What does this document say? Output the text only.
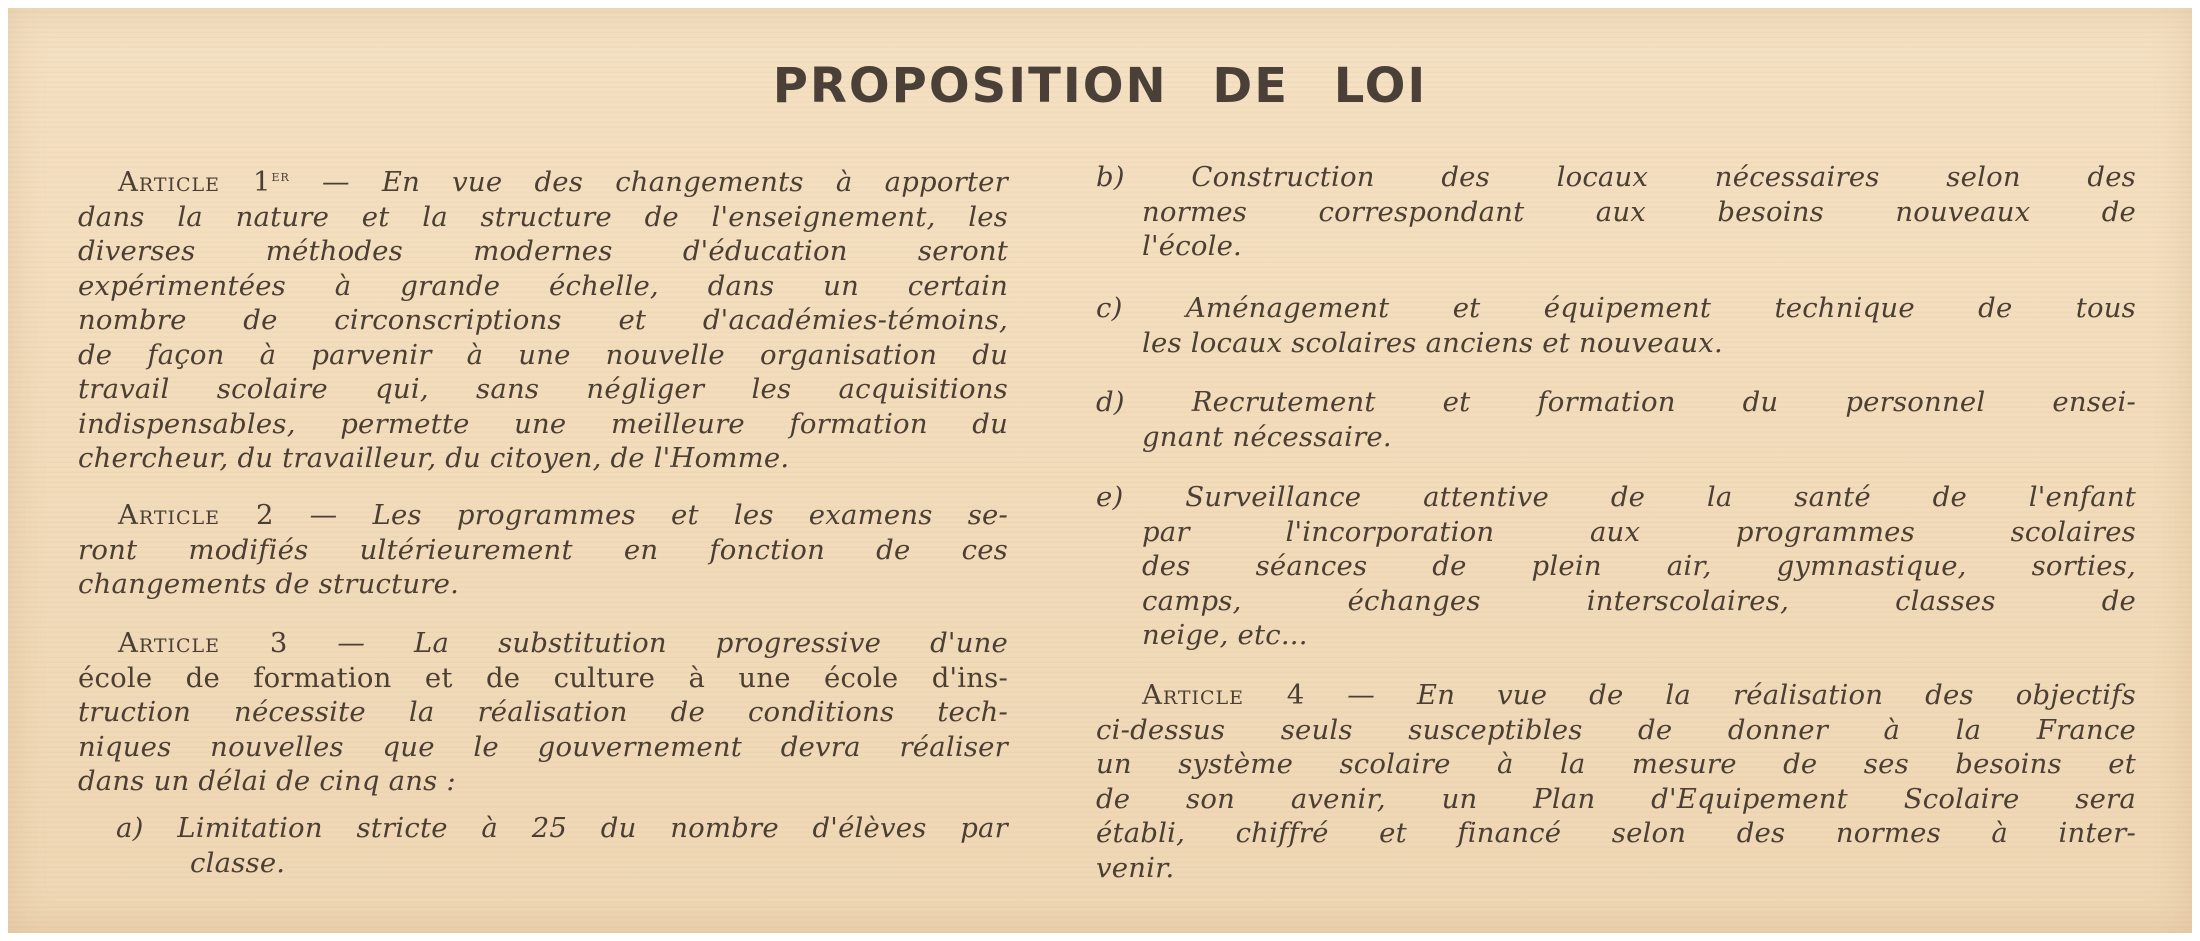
PROPOSITION DE LOI
Article 1er — En vue des changements à apporter
dans la nature et la structure de l'enseignement, les
diverses méthodes modernes d'éducation seront
expérimentées à grande échelle, dans un certain
nombre de circonscriptions et d'académies-témoins,
de façon à parvenir à une nouvelle organisation du
travail scolaire qui, sans négliger les acquisitions
indispensables, permette une meilleure formation du
chercheur, du travailleur, du citoyen, de l'Homme.
Article 2 — Les programmes et les examens se-
ront modifiés ultérieurement en fonction de ces
changements de structure.
Article 3 — La substitution progressive d'une
école de formation et de culture à une école d'ins-
truction nécessite la réalisation de conditions tech-
niques nouvelles que le gouvernement devra réaliser
dans un délai de cinq ans :
a) Limitation stricte à 25 du nombre d'élèves par
classe.
b) Construction des locaux nécessaires selon des
normes correspondant aux besoins nouveaux de
l'école.
c) Aménagement et équipement technique de tous
les locaux scolaires anciens et nouveaux.
d) Recrutement et formation du personnel ensei-
gnant nécessaire.
e) Surveillance attentive de la santé de l'enfant
par l'incorporation aux programmes scolaires
des séances de plein air, gymnastique, sorties,
camps, échanges interscolaires, classes de
neige, etc...
Article 4 — En vue de la réalisation des objectifs
ci-dessus seuls susceptibles de donner à la France
un système scolaire à la mesure de ses besoins et
de son avenir, un Plan d'Equipement Scolaire sera
établi, chiffré et financé selon des normes à inter-
venir.
